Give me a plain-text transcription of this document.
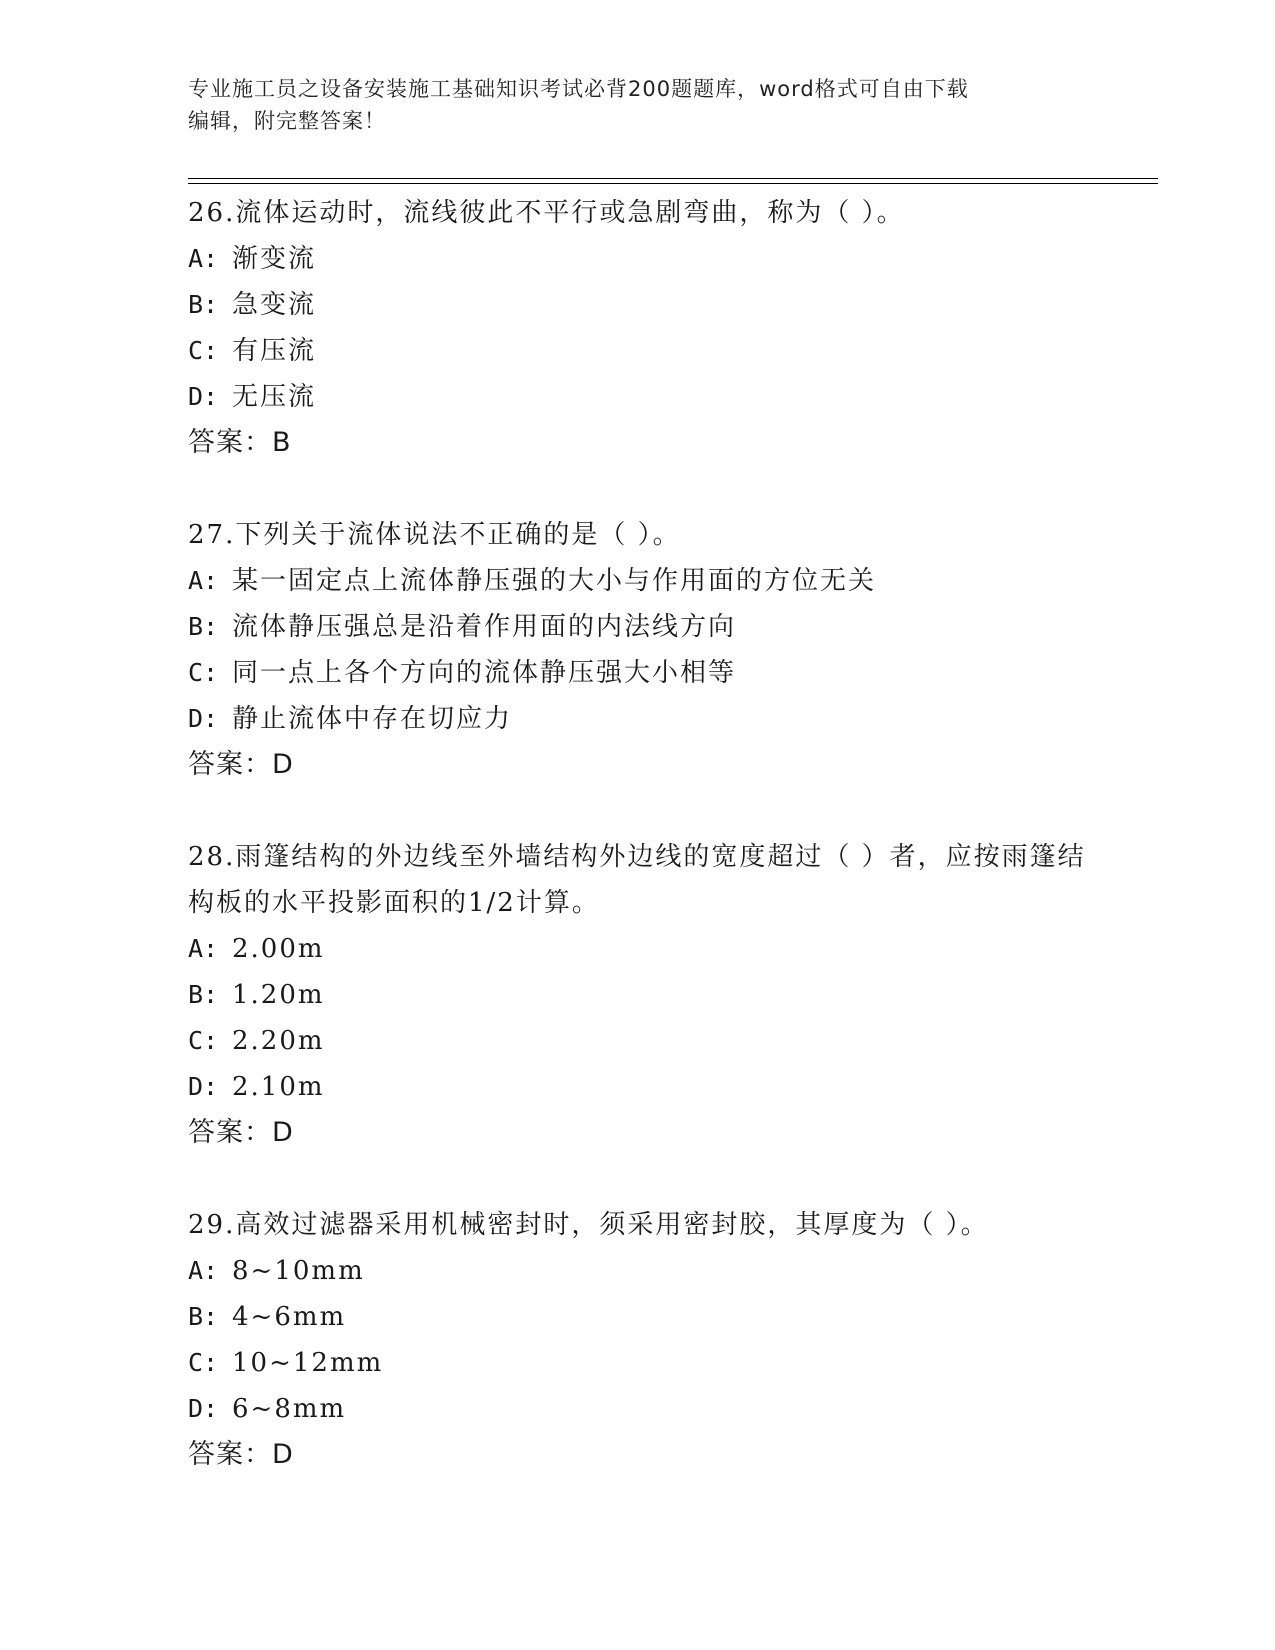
专业施工员之设备安装施工基础知识考试必背200题题库，word格式可自由下载
编辑，附完整答案！

26.流体运动时，流线彼此不平行或急剧弯曲，称为（ ）。

A: 渐变流
B: 急变流
C: 有压流
D: 无压流
答案：B

27.下列关于流体说法不正确的是（ ）。

A: 某一固定点上流体静压强的大小与作用面的方位无关
B: 流体静压强总是沿着作用面的内法线方向
C: 同一点上各个方向的流体静压强大小相等
D: 静止流体中存在切应力
答案：D

28.雨篷结构的外边线至外墙结构外边线的宽度超过（ ）者，应按雨篷结构板的水平投影面积的1/2计算。

A: 2.00m
B: 1.20m
C: 2.20m
D: 2.10m
答案：D

29.高效过滤器采用机械密封时，须采用密封胶，其厚度为（ ）。

A: 8~10mm
B: 4~6mm
C: 10~12mm
D: 6~8mm
答案：D
